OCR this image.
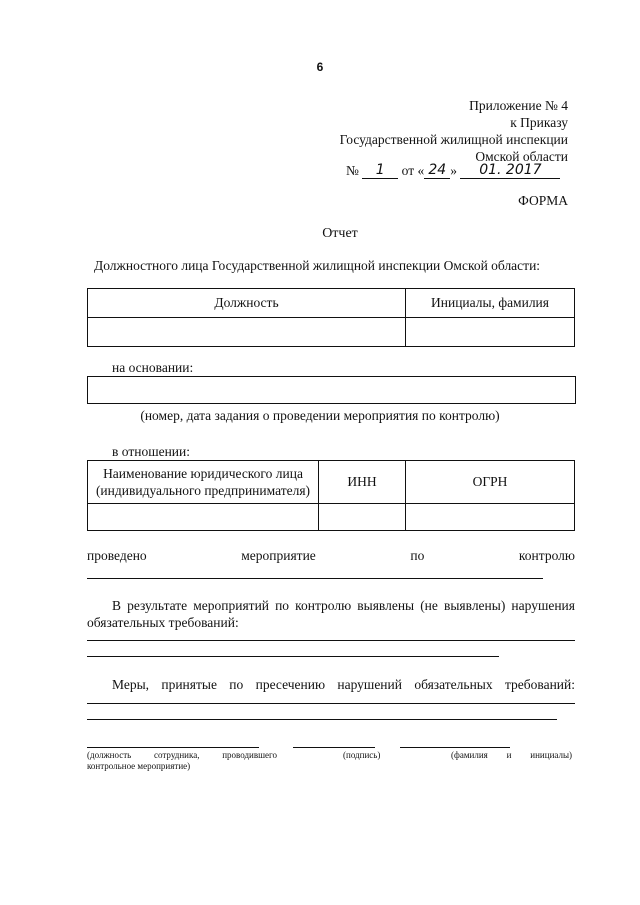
6
Приложение № 4
к Приказу
Государственной жилищной инспекции
Омской области
№ 1 от « 24 » 01. 2017
ФОРМА
Отчет
Должностного лица Государственной жилищной инспекции Омской области:
Должность	Инициалы, фамилия

на основании:
(номер, дата задания о проведении мероприятия по контролю)
в отношении:
Наименование юридического лица (индивидуального предпринимателя)	ИНН	ОГРН

проведено	мероприятие	по	контролю
В результате мероприятий по контролю выявлены (не выявлены) нарушения обязательных требований:
Меры, принятые по пресечению нарушений обязательных требований:
(должность сотрудника, проводившего контрольное мероприятие)
(подпись)	(фамилия и инициалы)
